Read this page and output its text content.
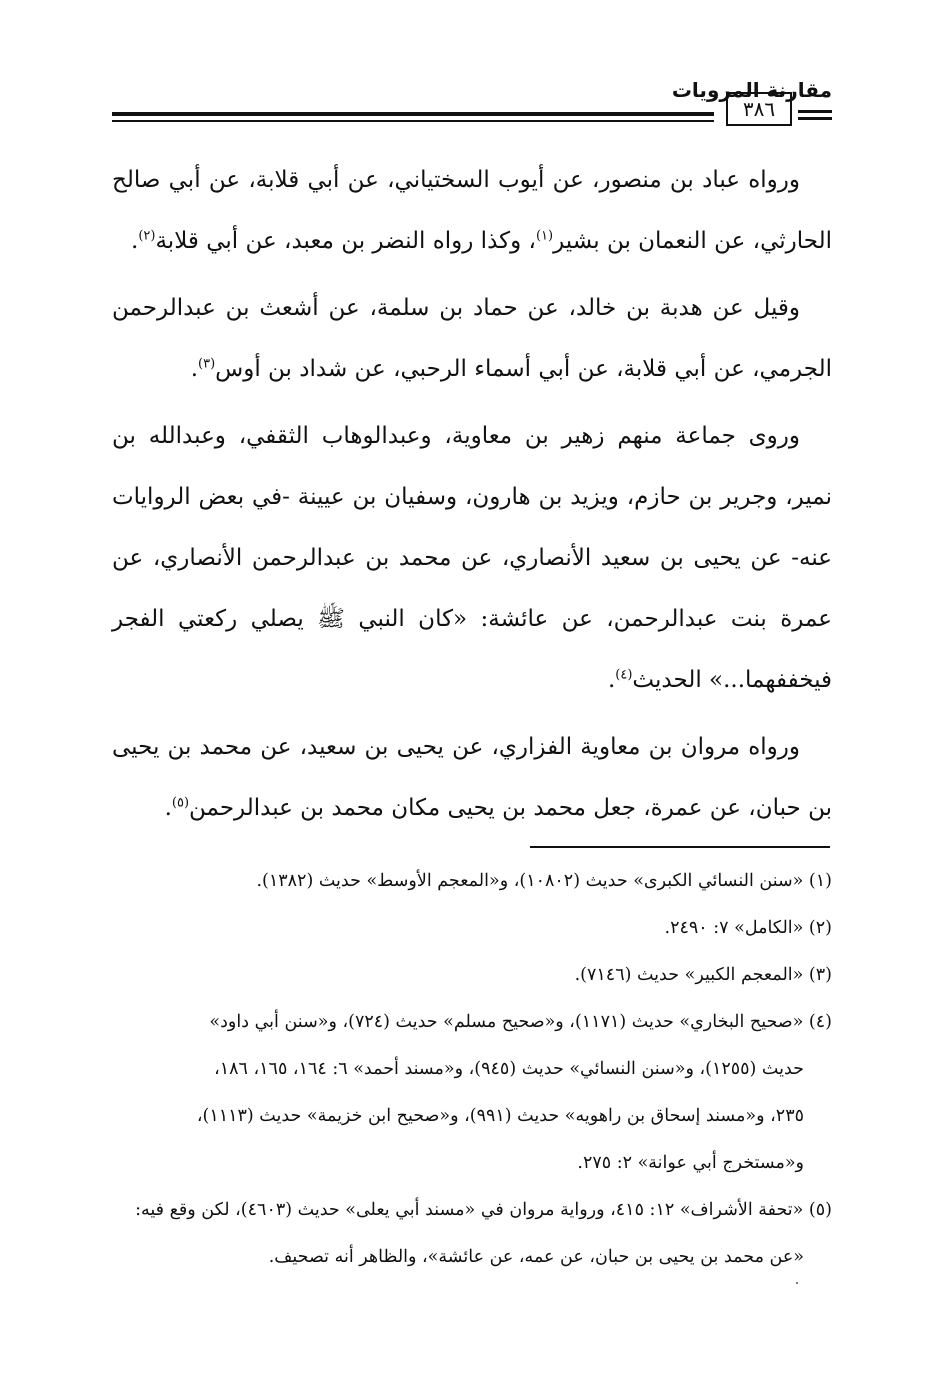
مقارنة المرويات
٣٨٦

ورواه عباد بن منصور، عن أيوب السختياني، عن أبي قلابة، عن أبي صالح الحارثي، عن النعمان بن بشير$^{(١)}$، وكذا رواه النضر بن معبد، عن أبي قلابة$^{(٢)}$.

وقيل عن هدبة بن خالد، عن حماد بن سلمة، عن أشعث بن عبدالرحمن الجرمي، عن أبي قلابة، عن أبي أسماء الرحبي، عن شداد بن أوس$^{(٣)}$.

وروى جماعة منهم زهير بن معاوية، وعبدالوهاب الثقفي، وعبدالله بن نمير، وجرير بن حازم، ويزيد بن هارون، وسفيان بن عيينة -في بعض الروايات عنه- عن يحيى بن سعيد الأنصاري، عن محمد بن عبدالرحمن الأنصاري، عن عمرة بنت عبدالرحمن، عن عائشة: «كان النبي ﷺ يصلي ركعتي الفجر فيخففهما...» الحديث$^{(٤)}$.

ورواه مروان بن معاوية الفزاري، عن يحيى بن سعيد، عن محمد بن يحيى بن حبان، عن عمرة، جعل محمد بن يحيى مكان محمد بن عبدالرحمن$^{(٥)}$.

(١) «سنن النسائي الكبرى» حديث (١٠٨٠٢)، و«المعجم الأوسط» حديث (١٣٨٢).

(٢) «الكامل» ٧: ٢٤٩٠.

(٣) «المعجم الكبير» حديث (٧١٤٦).

(٤) «صحيح البخاري» حديث (١١٧١)، و«صحيح مسلم» حديث (٧٢٤)، و«سنن أبي داود»

حديث (١٢٥٥)، و«سنن النسائي» حديث (٩٤٥)، و«مسند أحمد» ٦: ١٦٤، ١٦٥، ١٨٦،

٢٣٥، و«مسند إسحاق بن راهويه» حديث (٩٩١)، و«صحيح ابن خزيمة» حديث (١١١٣)،

و«مستخرج أبي عوانة» ٢: ٢٧٥.

(٥) «تحفة الأشراف» ١٢: ٤١٥، ورواية مروان في «مسند أبي يعلى» حديث (٤٦٠٣)، لكن وقع فيه:

«عن محمد بن يحيى بن حبان، عن عمه، عن عائشة»، والظاهر أنه تصحيف.
